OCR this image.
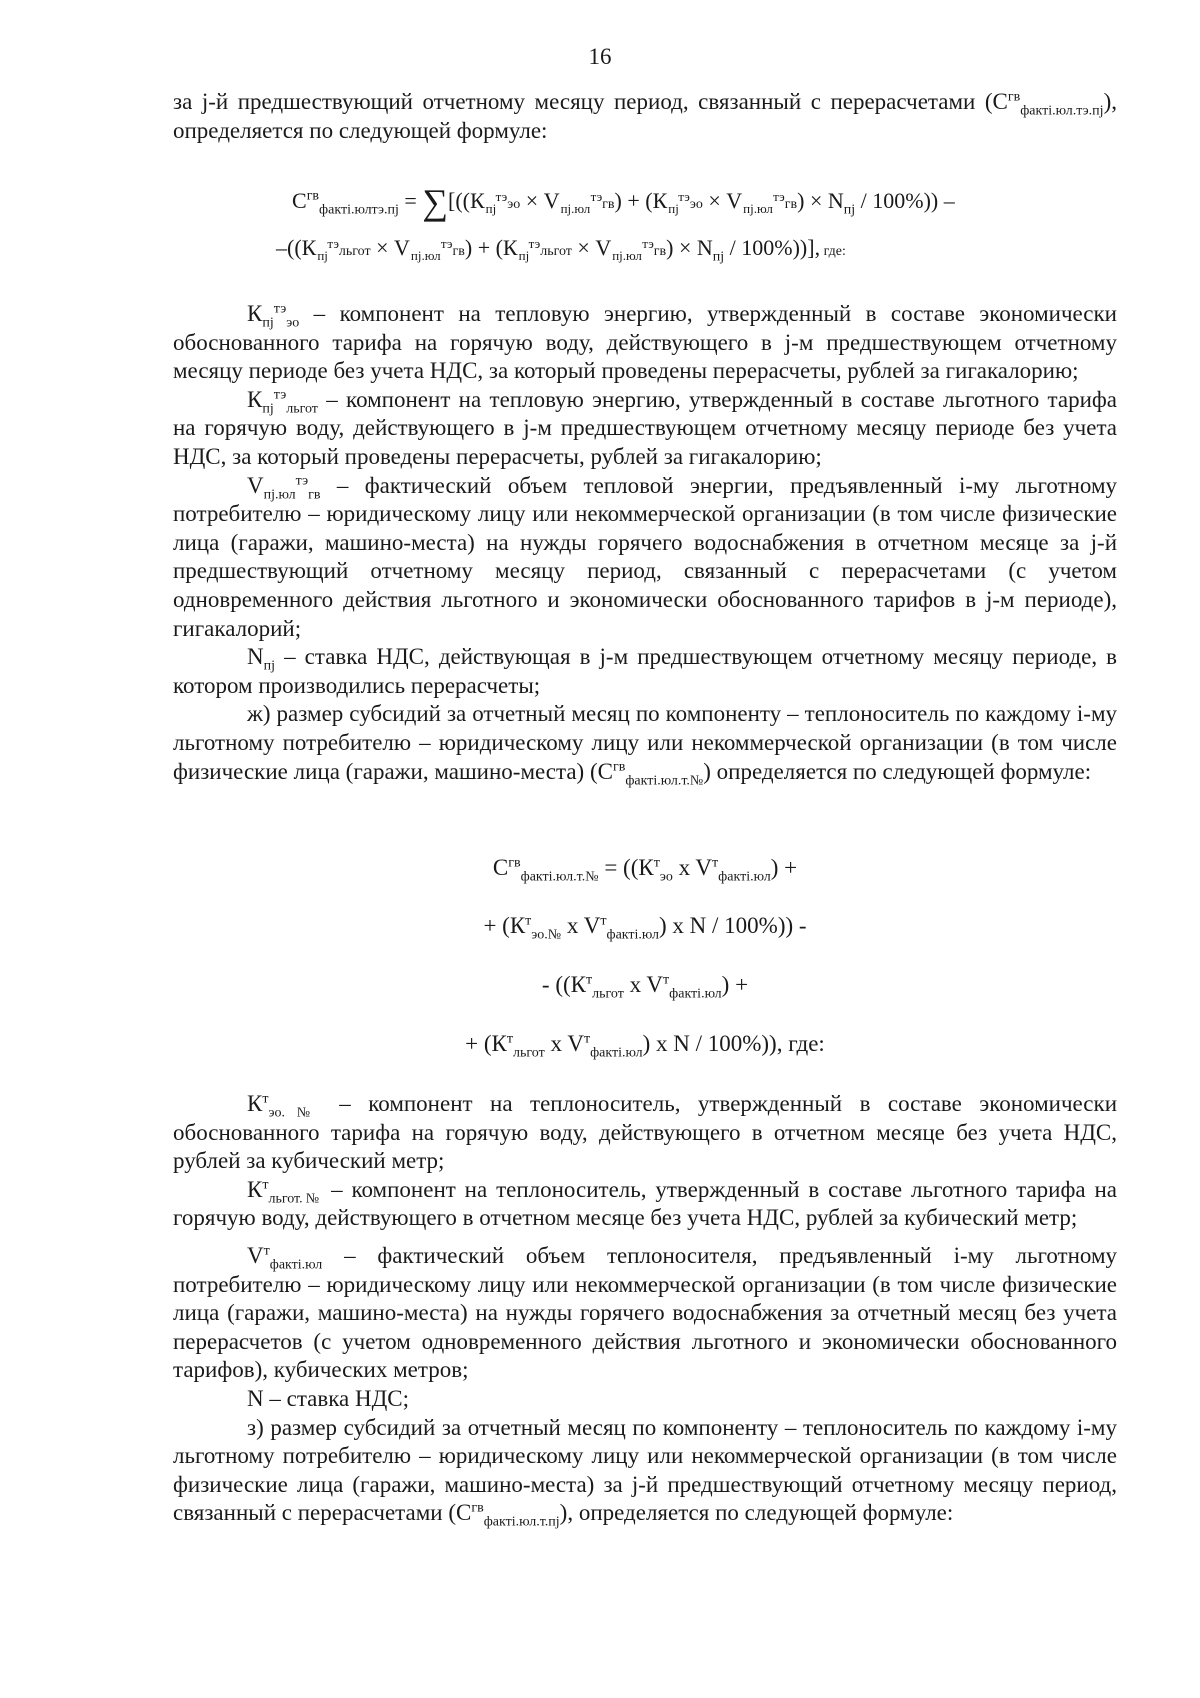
16
за j-й предшествующий отчетному месяцу период, связанный с перерасчетами $(С^{гв}_{факті.юл.тэ.пj})$, определяется по следующей формуле:
$С^{гв}_{факті.юлтэ.пj} = \sum[((К$ тэ
пj эо × V	тэ
пj.юл гв) + (К тэ
пj эо × V	тэ
пj.юл $гв) \times N_{пj} / 100\%$)) –
–((К тэ
пj льгот × V	тэ
пj.юл гв) + (К тэ
пj льгот × V	тэ
пj.юл $гв) \times N_{пj} / 100\%$))], где:
$К_{пj}^{тэ}_{эо}$ – компонент на тепловую энергию, утвержденный в составе экономически обоснованного тарифа на горячую воду, действующего в j-м предшествующем отчетному месяцу периоде без учета НДС, за который проведены перерасчеты, рублей за гигакалорию;
$К_{пj}^{тэ}_{льгот}$ – компонент на тепловую энергию, утвержденный в составе льготного тарифа на горячую воду, действующего в j-м предшествующем отчетному месяцу периоде без учета НДС, за который проведены перерасчеты, рублей за гигакалорию;
$V_{пj.юл}^{тэ}_{гв}$ – фактический объем тепловой энергии, предъявленный i-му льготному потребителю – юридическому лицу или некоммерческой организации (в том числе физические лица (гаражи, машино-места) на нужды горячего водоснабжения в отчетном месяце за j-й предшествующий отчетному месяцу период, связанный с перерасчетами (с учетом одновременного действия льготного и экономически обоснованного тарифов в j-м периоде), гигакалорий;
$N_{пj}$ – ставка НДС, действующая в j-м предшествующем отчетному месяцу периоде, в котором производились перерасчеты;
ж) размер субсидий за отчетный месяц по компоненту – теплоноситель по каждому i-му льготному потребителю – юридическому лицу или некоммерческой организации (в том числе физические лица (гаражи, машино-места) $(С^{гв}_{факті.юл.т.№})$ определяется по следующей формуле:
$С^{гв}_{факті.юл.т.№} = ((К^т_{эо}$ x $V^т_{факті.юл}$) +
+ ($К^т_{эо.№}$ x $V^т_{факті.юл}$) x N / 100%)) -
- (($К^т_{льгот}$ x $V^т_{факті.юл}$) +
+ ($К^т_{льгот}$ x $V^т_{факті.юл}$) x N / 100%)), где:
$К^т_{эо.№}$ – компонент на теплоноситель, утвержденный в составе экономически обоснованного тарифа на горячую воду, действующего в отчетном месяце без учета НДС, рублей за кубический метр;
$К^т_{льгот.№}$ – компонент на теплоноситель, утвержденный в составе льготного тарифа на горячую воду, действующего в отчетном месяце без учета НДС, рублей за кубический метр;
$V^т_{факті.юл}$ – фактический объем теплоносителя, предъявленный i-му льготному потребителю – юридическому лицу или некоммерческой организации (в том числе физические лица (гаражи, машино-места) на нужды горячего водоснабжения за отчетный месяц без учета перерасчетов (с учетом одновременного действия льготного и экономически обоснованного тарифов), кубических метров;
N – ставка НДС;
з) размер субсидий за отчетный месяц по компоненту – теплоноситель по каждому i-му льготному потребителю – юридическому лицу или некоммерческой организации (в том числе физические лица (гаражи, машино-места) за j-й предшествующий отчетному месяцу период, связанный с перерасчетами $(С^{гв}_{факті.юл.т.пj})$, определяется по следующей формуле:
